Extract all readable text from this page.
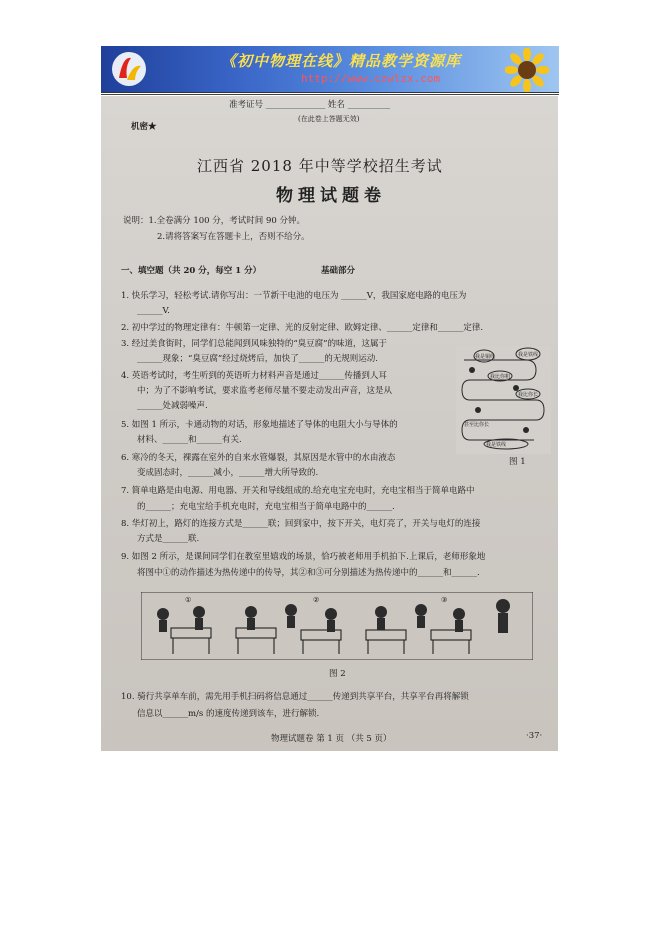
《初中物理在线》精品教学资源库
http://www.czwlzx.com
准考证号 ______________ 姓名 __________
(在此卷上答题无效)
机密★
江西省 2018 年中等学校招生考试
物理试题卷
说明：1.全卷满分 100 分，考试时间 90 分钟。
2.请将答案写在答题卡上，否则不给分。
一、填空题（共 20 分，每空 1 分）	基础部分
1. 快乐学习，轻松考试.请你写出：一节新干电池的电压为 ______V，我国家庭电路的电压为
______V.
2. 初中学过的物理定律有：牛顿第一定律、光的反射定律、欧姆定律、______定律和______定律.
3. 经过美食街时，同学们总能闻到风味独特的“臭豆腐”的味道，这属于
______现象；“臭豆腐”经过烧烤后，加快了______的无规则运动.
4. 英语考试时，考生听到的英语听力材料声音是通过______传播到人耳
中；为了不影响考试，要求监考老师尽量不要走动发出声音，这是从
______处减弱噪声.
5. 如图 1 所示，卡通动物的对话，形象地描述了导体的电阻大小与导体的
材料、______和______有关.
6. 寒冷的冬天，裸露在室外的自来水管爆裂，其原因是水管中的水由液态
变成固态时，______减小，______增大所导致的.
7. 简单电路是由电源、用电器、开关和导线组成的.给充电宝充电时，充电宝相当于简单电路中
的______；充电宝给手机充电时，充电宝相当于简单电路中的______.
8. 华灯初上，路灯的连接方式是______联；回到家中，按下开关，电灯亮了，开关与电灯的连接
方式是______联.
9. 如图 2 所示，是课间同学们在教室里嬉戏的场景，恰巧被老师用手机拍下.上课后，老师形象地
将图中①的动作描述为热传递中的传导，其②和③可分别描述为热传递中的______和______.
我是铜线	我是铁线
我比你粗
我比你长
我是铁线
甚至比你长
图 1
①	②	③
图 2
10. 骑行共享单车前，需先用手机扫码将信息通过______传递到共享平台，共享平台再将解锁
信息以______m/s 的速度传递到该车，进行解锁.
物理试题卷 第 1 页 （共 5 页）	·37·
